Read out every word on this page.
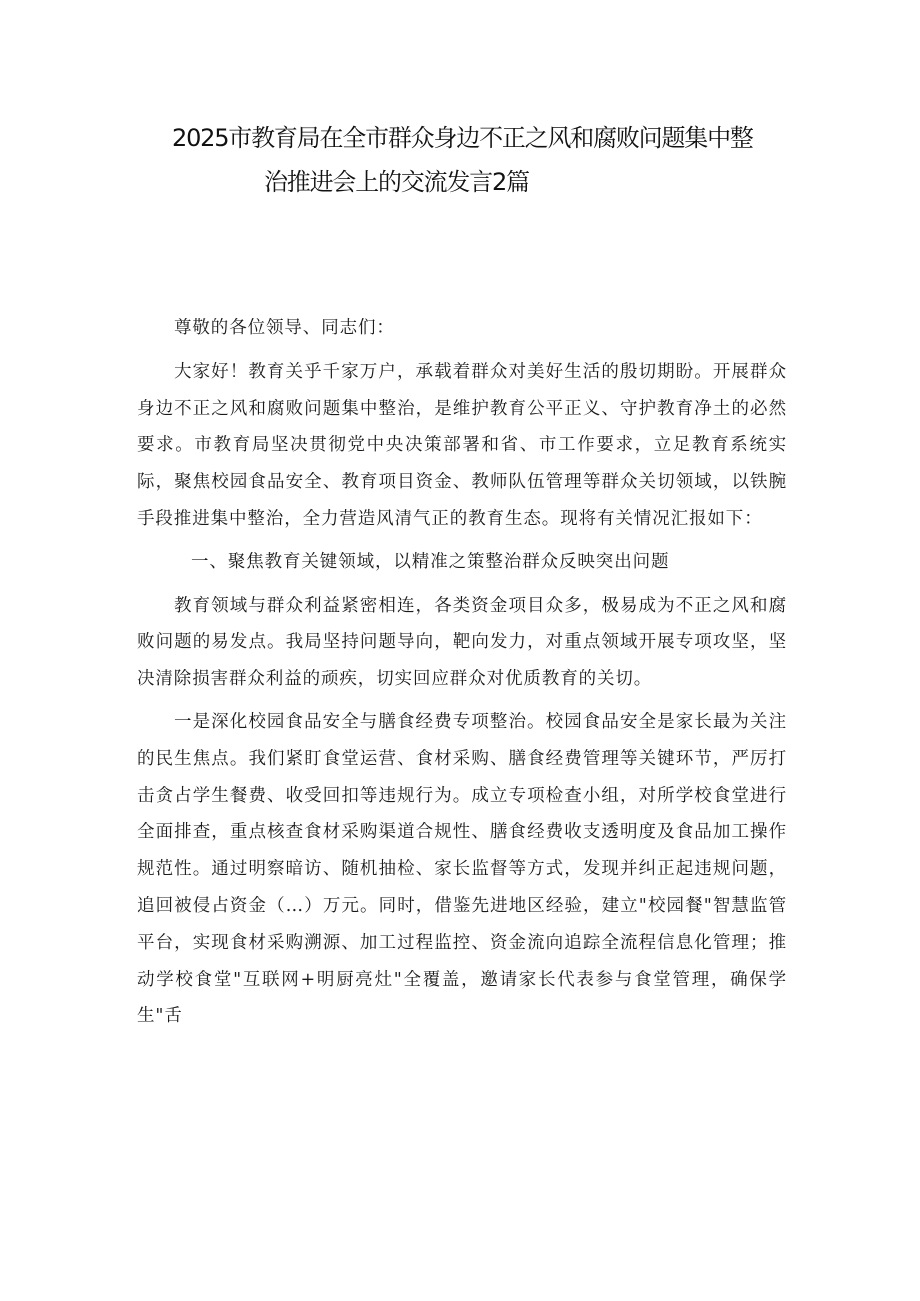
2025市教育局在全市群众身边不正之风和腐败问题集中整
治推进会上的交流发言2篇

尊敬的各位领导、同志们：

大家好！教育关乎千家万户，承载着群众对美好生活的殷切期盼。开展群众身边不正之风和腐败问题集中整治，是维护教育公平正义、守护教育净土的必然要求。市教育局坚决贯彻党中央决策部署和省、市工作要求，立足教育系统实际，聚焦校园食品安全、教育项目资金、教师队伍管理等群众关切领域，以铁腕手段推进集中整治，全力营造风清气正的教育生态。现将有关情况汇报如下：

一、聚焦教育关键领域，以精准之策整治群众反映突出问题

教育领域与群众利益紧密相连，各类资金项目众多，极易成为不正之风和腐败问题的易发点。我局坚持问题导向，靶向发力，对重点领域开展专项攻坚，坚决清除损害群众利益的顽疾，切实回应群众对优质教育的关切。

一是深化校园食品安全与膳食经费专项整治。校园食品安全是家长最为关注的民生焦点。我们紧盯食堂运营、食材采购、膳食经费管理等关键环节，严厉打击贪占学生餐费、收受回扣等违规行为。成立专项检查小组，对所学校食堂进行全面排查，重点核查食材采购渠道合规性、膳食经费收支透明度及食品加工操作规范性。通过明察暗访、随机抽检、家长监督等方式，发现并纠正起违规问题，追回被侵占资金（…）万元。同时，借鉴先进地区经验，建立"校园餐"智慧监管平台，实现食材采购溯源、加工过程监控、资金流向追踪全流程信息化管理；推动学校食堂"互联网+明厨亮灶"全覆盖，邀请家长代表参与食堂管理，确保学生"舌
